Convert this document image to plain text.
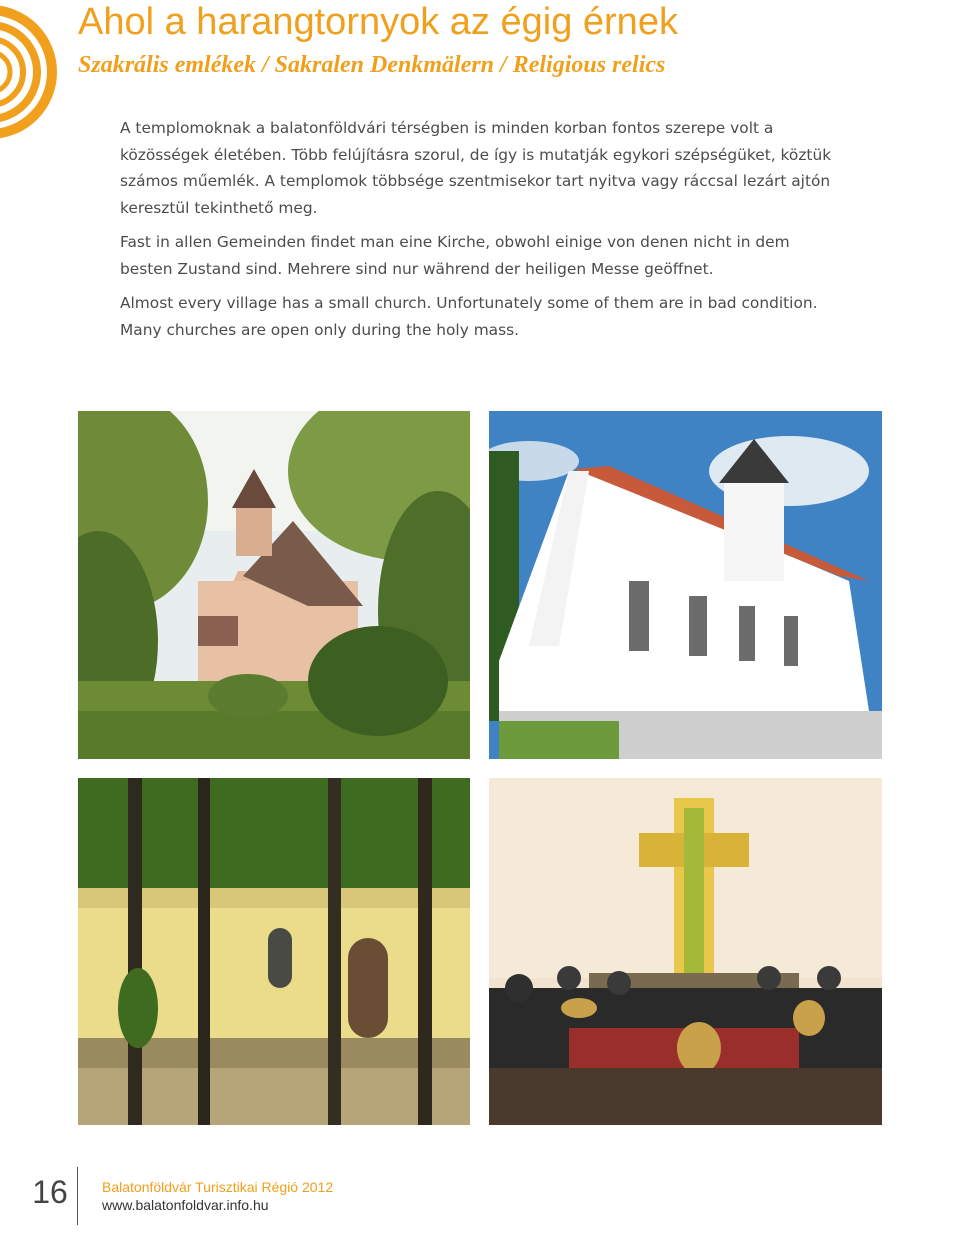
Ahol a harangtornyok az égig érnek
Szakrális emlékek / Sakralen Denkmälern / Religious relics

A templomoknak a balatonföldvári térségben is minden korban fontos szerepe volt a közösségek életében. Több felújításra szorul, de így is mutatják egykori szépségüket, köztük számos műemlék. A templomok többsége szentmisekor tart nyitva vagy ráccsal lezárt ajtón keresztül tekinthető meg.

Fast in allen Gemeinden findet man eine Kirche, obwohl einige von denen nicht in dem besten Zustand sind. Mehrere sind nur während der heiligen Messe geöffnet.

Almost every village has a small church. Unfortunately some of them are in bad condition. Many churches are open only during the holy mass.

16 Balatonföldvár Turisztikai Régió 2012
www.balatonfoldvar.info.hu
